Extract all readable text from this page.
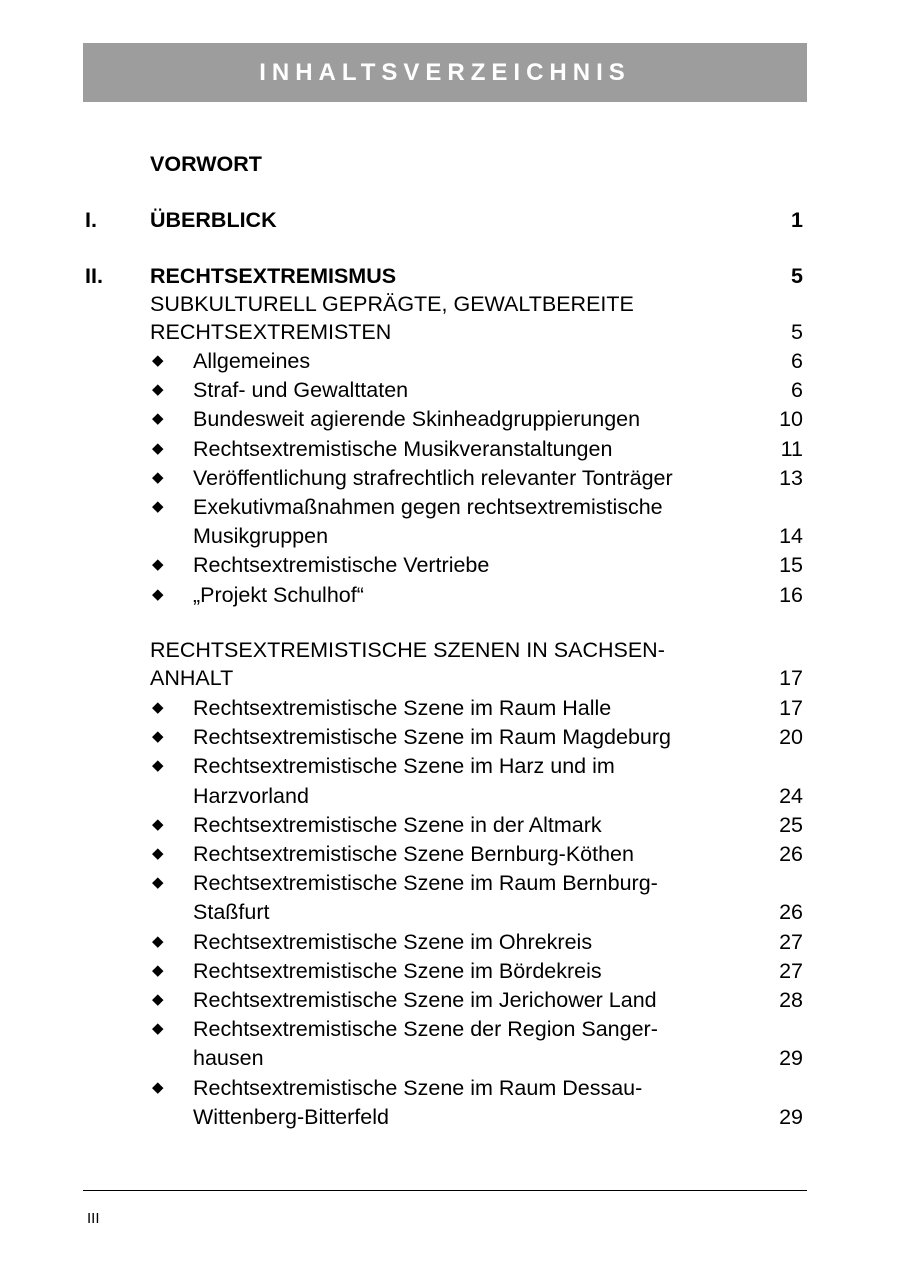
INHALTSVERZEICHNIS
VORWORT
I. ÜBERBLICK	1
II. RECHTSEXTREMISMUS	5
SUBKULTURELL GEPRÄGTE, GEWALTBEREITE
RECHTSEXTREMISTEN	5
◆ Allgemeines	6
◆ Straf- und Gewalttaten	6
◆ Bundesweit agierende Skinheadgruppierungen	10
◆ Rechtsextremistische Musikveranstaltungen	11
◆ Veröffentlichung strafrechtlich relevanter Tonträger	13
◆ Exekutivmaßnahmen gegen rechtsextremistische
Musikgruppen	14
◆ Rechtsextremistische Vertriebe	15
◆ „Projekt Schulhof“	16
RECHTSEXTREMISTISCHE SZENEN IN SACHSEN-
ANHALT	17
◆ Rechtsextremistische Szene im Raum Halle	17
◆ Rechtsextremistische Szene im Raum Magdeburg	20
◆ Rechtsextremistische Szene im Harz und im
Harzvorland	24
◆ Rechtsextremistische Szene in der Altmark	25
◆ Rechtsextremistische Szene Bernburg-Köthen	26
◆ Rechtsextremistische Szene im Raum Bernburg-
Staßfurt	26
◆ Rechtsextremistische Szene im Ohrekreis	27
◆ Rechtsextremistische Szene im Bördekreis	27
◆ Rechtsextremistische Szene im Jerichower Land	28
◆ Rechtsextremistische Szene der Region Sanger-
hausen	29
◆ Rechtsextremistische Szene im Raum Dessau-
Wittenberg-Bitterfeld	29
III
